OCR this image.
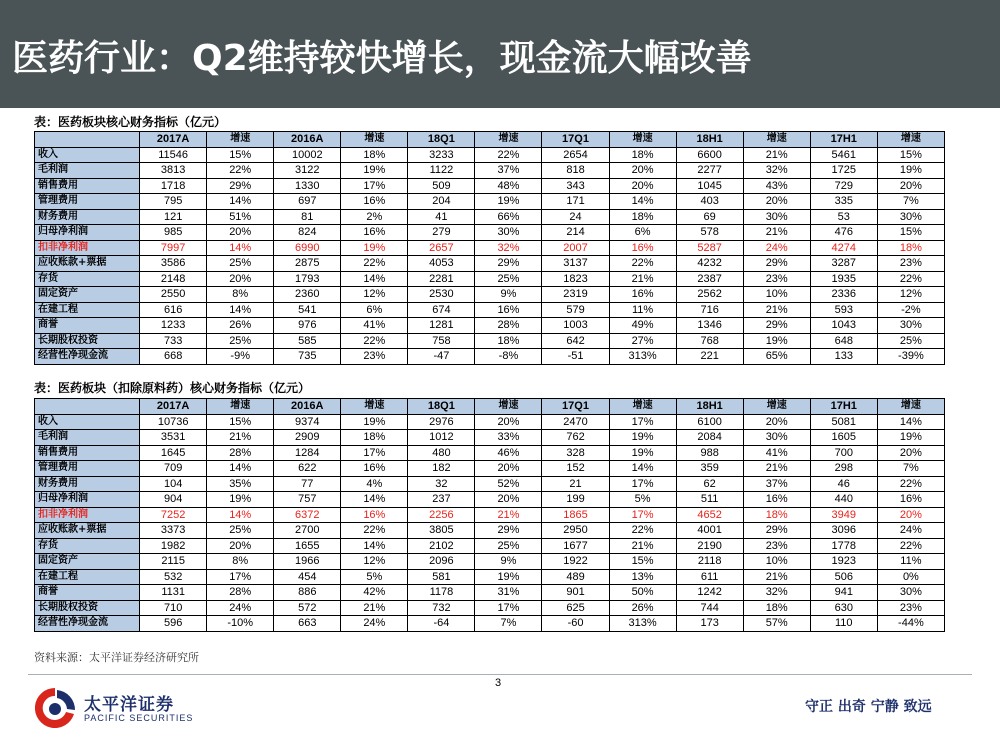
医药行业：Q2维持较快增长，现金流大幅改善
表：医药板块核心财务指标（亿元）
	2017A	增速	2016A	增速	18Q1	增速	17Q1	增速	18H1	增速	17H1	增速
收入	11546	15%	10002	18%	3233	22%	2654	18%	6600	21%	5461	15%
毛利润	3813	22%	3122	19%	1122	37%	818	20%	2277	32%	1725	19%
销售费用	1718	29%	1330	17%	509	48%	343	20%	1045	43%	729	20%
管理费用	795	14%	697	16%	204	19%	171	14%	403	20%	335	7%
财务费用	121	51%	81	2%	41	66%	24	18%	69	30%	53	30%
归母净利润	985	20%	824	16%	279	30%	214	6%	578	21%	476	15%
扣非净利润	7997	14%	6990	19%	2657	32%	2007	16%	5287	24%	4274	18%
应收账款+票据	3586	25%	2875	22%	4053	29%	3137	22%	4232	29%	3287	23%
存货	2148	20%	1793	14%	2281	25%	1823	21%	2387	23%	1935	22%
固定资产	2550	8%	2360	12%	2530	9%	2319	16%	2562	10%	2336	12%
在建工程	616	14%	541	6%	674	16%	579	11%	716	21%	593	-2%
商誉	1233	26%	976	41%	1281	28%	1003	49%	1346	29%	1043	30%
长期股权投资	733	25%	585	22%	758	18%	642	27%	768	19%	648	25%
经营性净现金流	668	-9%	735	23%	-47	-8%	-51	313%	221	65%	133	-39%
表：医药板块（扣除原料药）核心财务指标（亿元）
	2017A	增速	2016A	增速	18Q1	增速	17Q1	增速	18H1	增速	17H1	增速
收入	10736	15%	9374	19%	2976	20%	2470	17%	6100	20%	5081	14%
毛利润	3531	21%	2909	18%	1012	33%	762	19%	2084	30%	1605	19%
销售费用	1645	28%	1284	17%	480	46%	328	19%	988	41%	700	20%
管理费用	709	14%	622	16%	182	20%	152	14%	359	21%	298	7%
财务费用	104	35%	77	4%	32	52%	21	17%	62	37%	46	22%
归母净利润	904	19%	757	14%	237	20%	199	5%	511	16%	440	16%
扣非净利润	7252	14%	6372	16%	2256	21%	1865	17%	4652	18%	3949	20%
应收账款+票据	3373	25%	2700	22%	3805	29%	2950	22%	4001	29%	3096	24%
存货	1982	20%	1655	14%	2102	25%	1677	21%	2190	23%	1778	22%
固定资产	2115	8%	1966	12%	2096	9%	1922	15%	2118	10%	1923	11%
在建工程	532	17%	454	5%	581	19%	489	13%	611	21%	506	0%
商誉	1131	28%	886	42%	1178	31%	901	50%	1242	32%	941	30%
长期股权投资	710	24%	572	21%	732	17%	625	26%	744	18%	630	23%
经营性净现金流	596	-10%	663	24%	-64	7%	-60	313%	173	57%	110	-44%
资料来源：太平洋证券经济研究所
3
太平洋证券
PACIFIC SECURITIES
守正 出奇 宁静 致远
